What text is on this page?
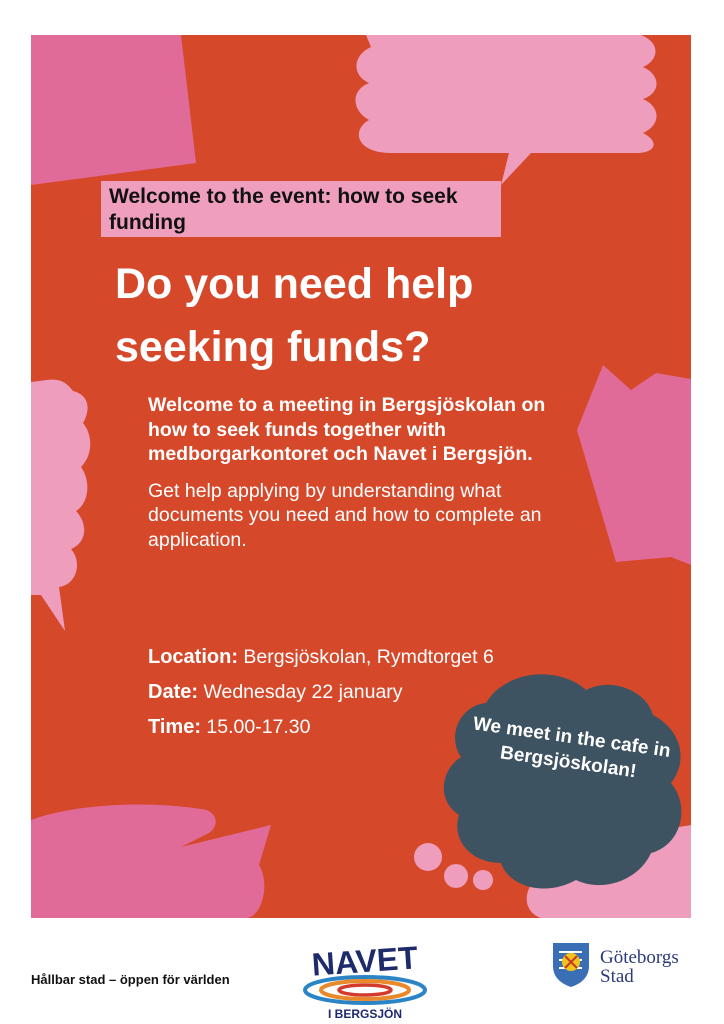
Welcome to the event: how to seek funding
Do you need help seeking funds?

Welcome to a meeting in Bergsjöskolan on how to seek funds together with medborgarkontoret och Navet i Bergsjön.

Get help applying by understanding what documents you need and how to complete an application.

Location: Bergsjöskolan, Rymdtorget 6
Date: Wednesday 22 january
Time: 15.00-17.30	We meet in the cafe in Bergsjöskolan!
Hållbar stad – öppen för världen	NAVET
I BERGSJÖN
Göteborgs
Stad
